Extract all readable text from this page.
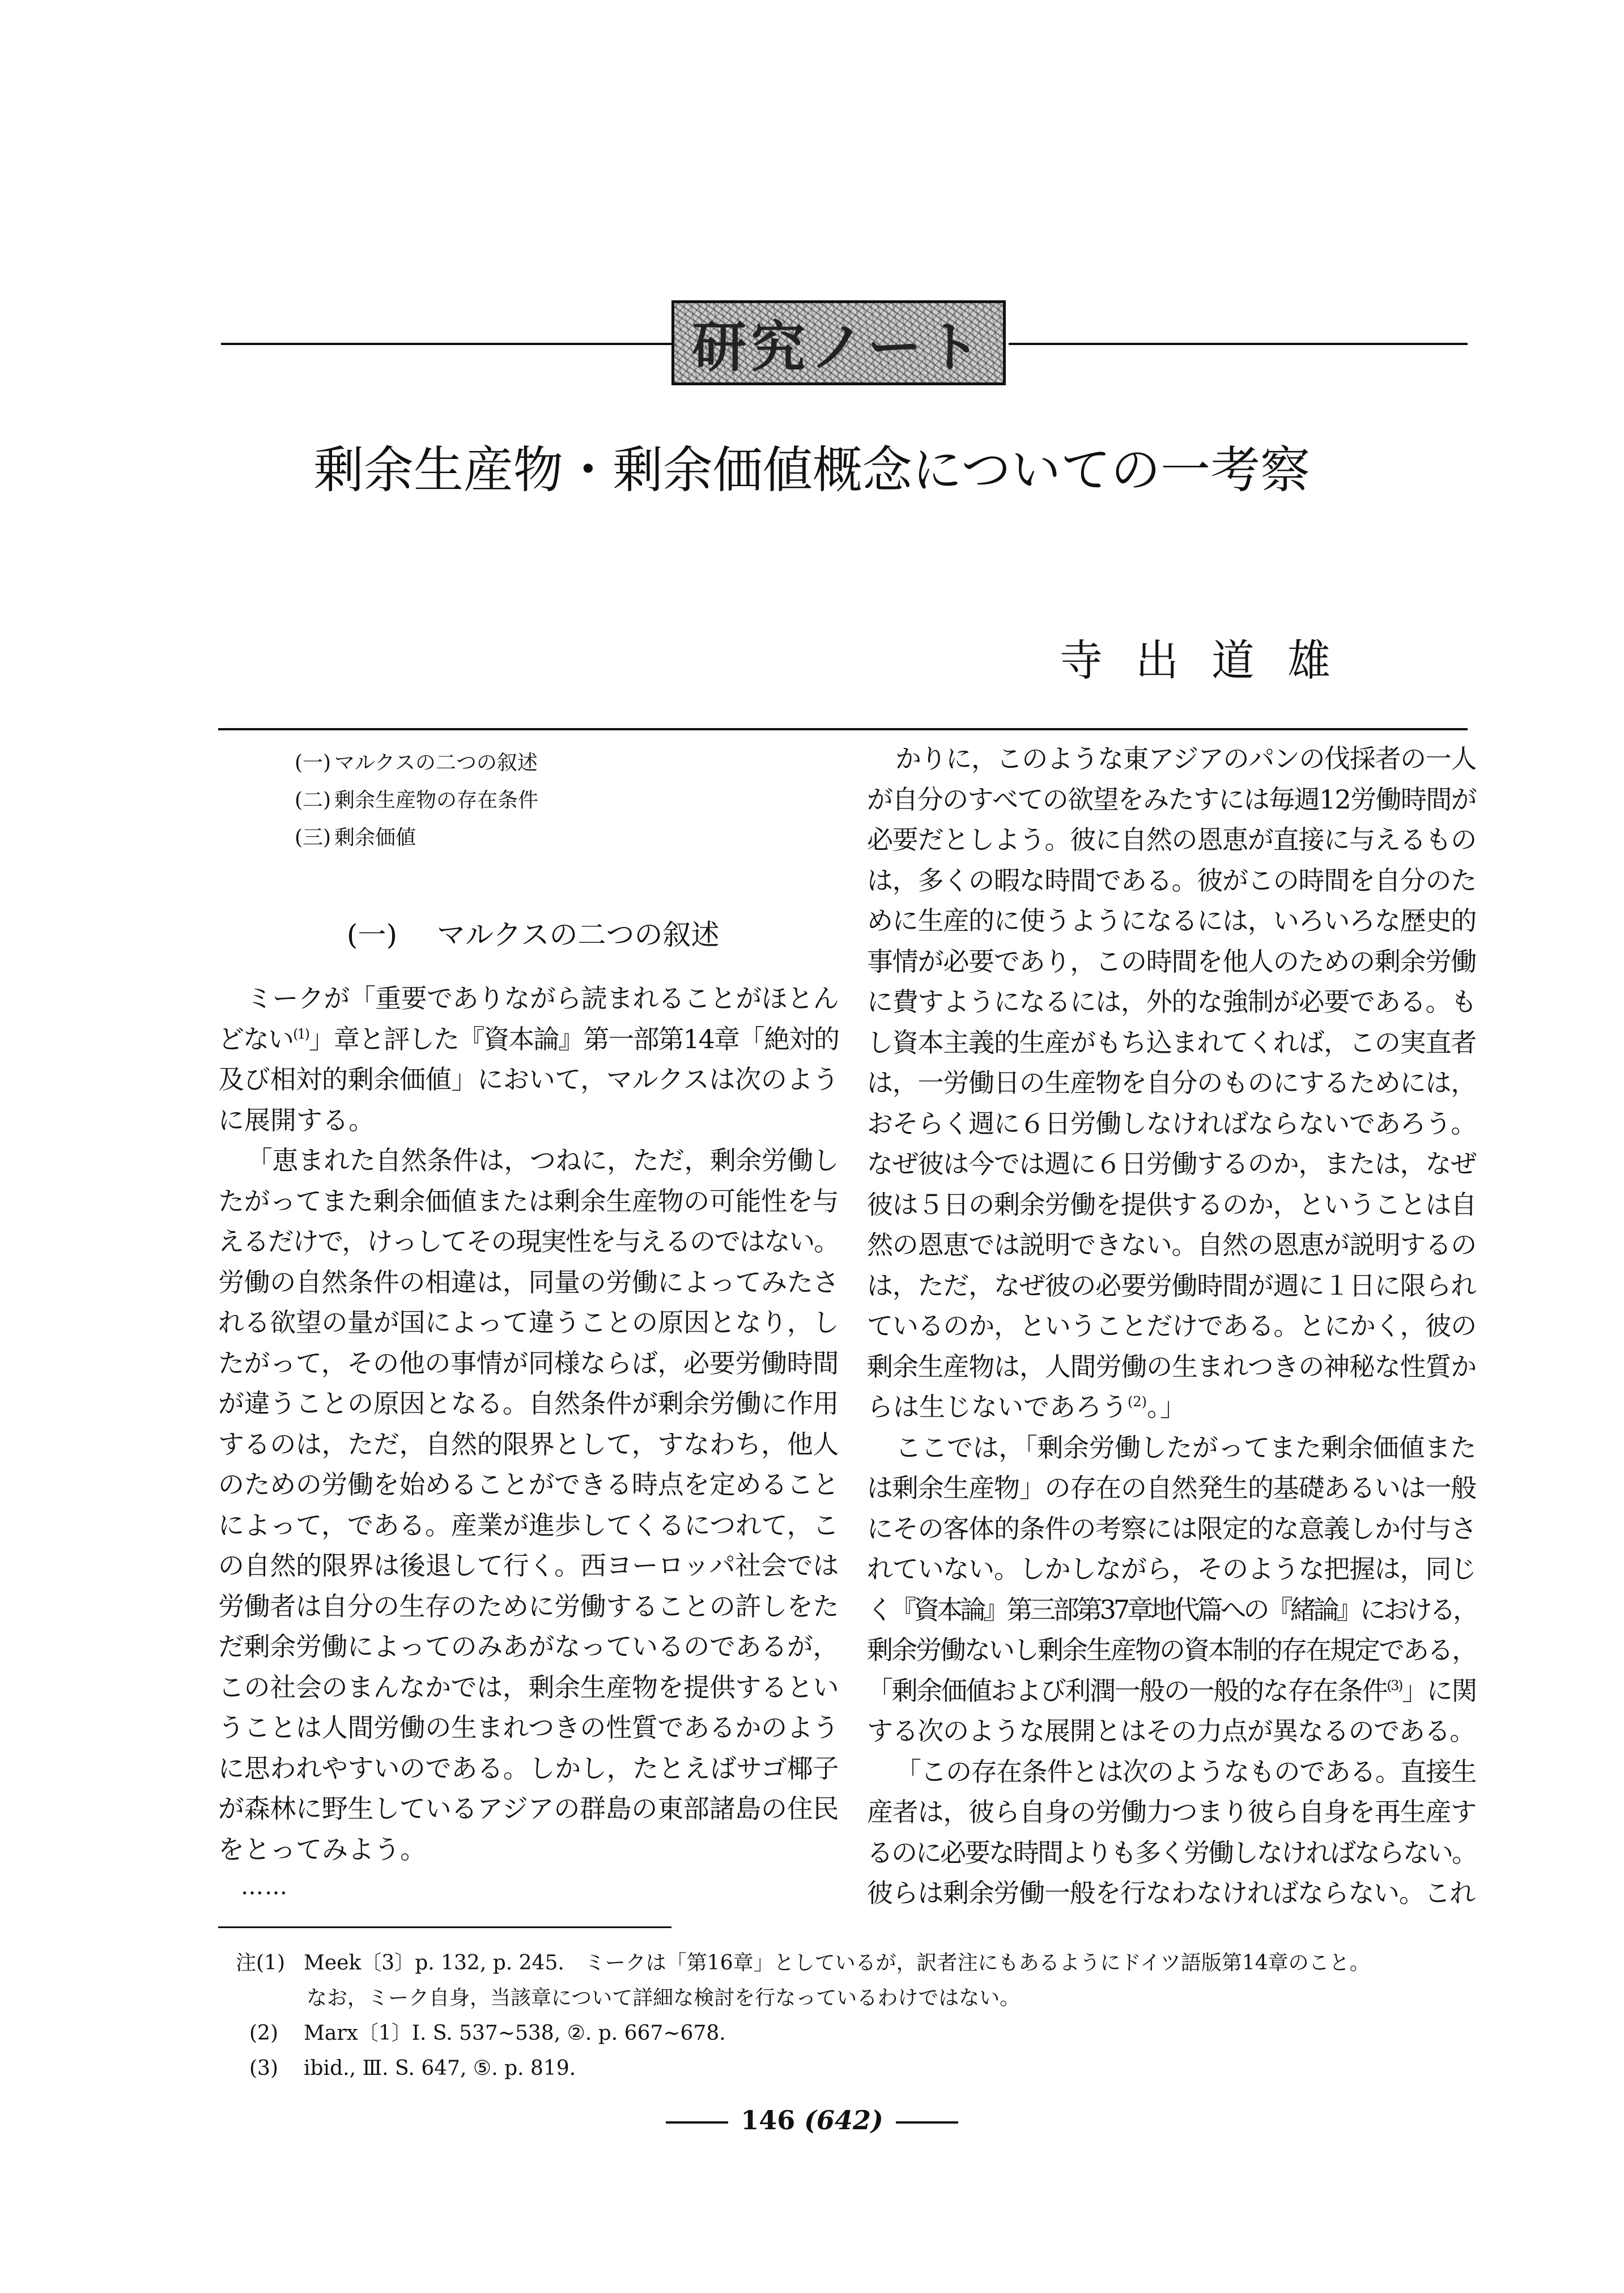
研究ノート
剰余生産物・剰余価値概念についての一考察
寺出道雄
(一) マルクスの二つの叙述
(二) 剰余生産物の存在条件
(三) 剰余価値
(一) マルクスの二つの叙述
ミークが「重要でありながら読まれることがほとん
どない$^{(1)}$」章と評した『資本論』第一部第14章「絶対的
及び相対的剰余価値」において，マルクスは次のよう
に展開する。
「恵まれた自然条件は，つねに，ただ，剰余労働し
たがってまた剰余価値または剰余生産物の可能性を与
えるだけで，けっしてその現実性を与えるのではない。
労働の自然条件の相違は，同量の労働によってみたさ
れる欲望の量が国によって違うことの原因となり，し
たがって，その他の事情が同様ならば，必要労働時間
が違うことの原因となる。自然条件が剰余労働に作用
するのは，ただ，自然的限界として，すなわち，他人
のための労働を始めることができる時点を定めること
によって，である。産業が進歩してくるにつれて，こ
の自然的限界は後退して行く。西ヨーロッパ社会では
労働者は自分の生存のために労働することの許しをた
だ剰余労働によってのみあがなっているのであるが，
この社会のまんなかでは，剰余生産物を提供するとい
うことは人間労働の生まれつきの性質であるかのよう
に思われやすいのである。しかし，たとえばサゴ椰子
が森林に野生しているアジアの群島の東部諸島の住民
をとってみよう。
……
かりに，このような東アジアのパンの伐採者の一人
が自分のすべての欲望をみたすには毎週12労働時間が
必要だとしよう。彼に自然の恩恵が直接に与えるもの
は，多くの暇な時間である。彼がこの時間を自分のた
めに生産的に使うようになるには，いろいろな歴史的
事情が必要であり，この時間を他人のための剰余労働
に費すようになるには，外的な強制が必要である。も
し資本主義的生産がもち込まれてくれば，この実直者
は，一労働日の生産物を自分のものにするためには，
おそらく週に６日労働しなければならないであろう。
なぜ彼は今では週に６日労働するのか，または，なぜ
彼は５日の剰余労働を提供するのか，ということは自
然の恩恵では説明できない。自然の恩恵が説明するの
は，ただ，なぜ彼の必要労働時間が週に１日に限られ
ているのか，ということだけである。とにかく，彼の
剰余生産物は，人間労働の生まれつきの神秘な性質か
らは生じないであろう$^{(2)}$。」
ここでは，「剰余労働したがってまた剰余価値また
は剰余生産物」の存在の自然発生的基礎あるいは一般
にその客体的条件の考察には限定的な意義しか付与さ
れていない。しかしながら，そのような把握は，同じ
く『資本論』第三部第37章地代篇への『緒論』における，
剰余労働ないし剰余生産物の資本制的存在規定である，
「剰余価値および利潤一般の一般的な存在条件$^{(3)}$」に関
する次のような展開とはその力点が異なるのである。
「この存在条件とは次のようなものである。直接生
産者は，彼ら自身の労働力つまり彼ら自身を再生産す
るのに必要な時間よりも多く労働しなければならない。
彼らは剰余労働一般を行なわなければならない。これ
注(1) Meek〔3〕p. 132, p. 245.　ミークは「第16章」としているが，訳者注にもあるようにドイツ語版第14章のこと。
なお，ミーク自身，当該章について詳細な検討を行なっているわけではない。
(2) Marx〔1〕I. S. 537~538, ②. p. 667~678.
(3) ibid., Ⅲ. S. 647, ⑤. p. 819.
146 (642)
